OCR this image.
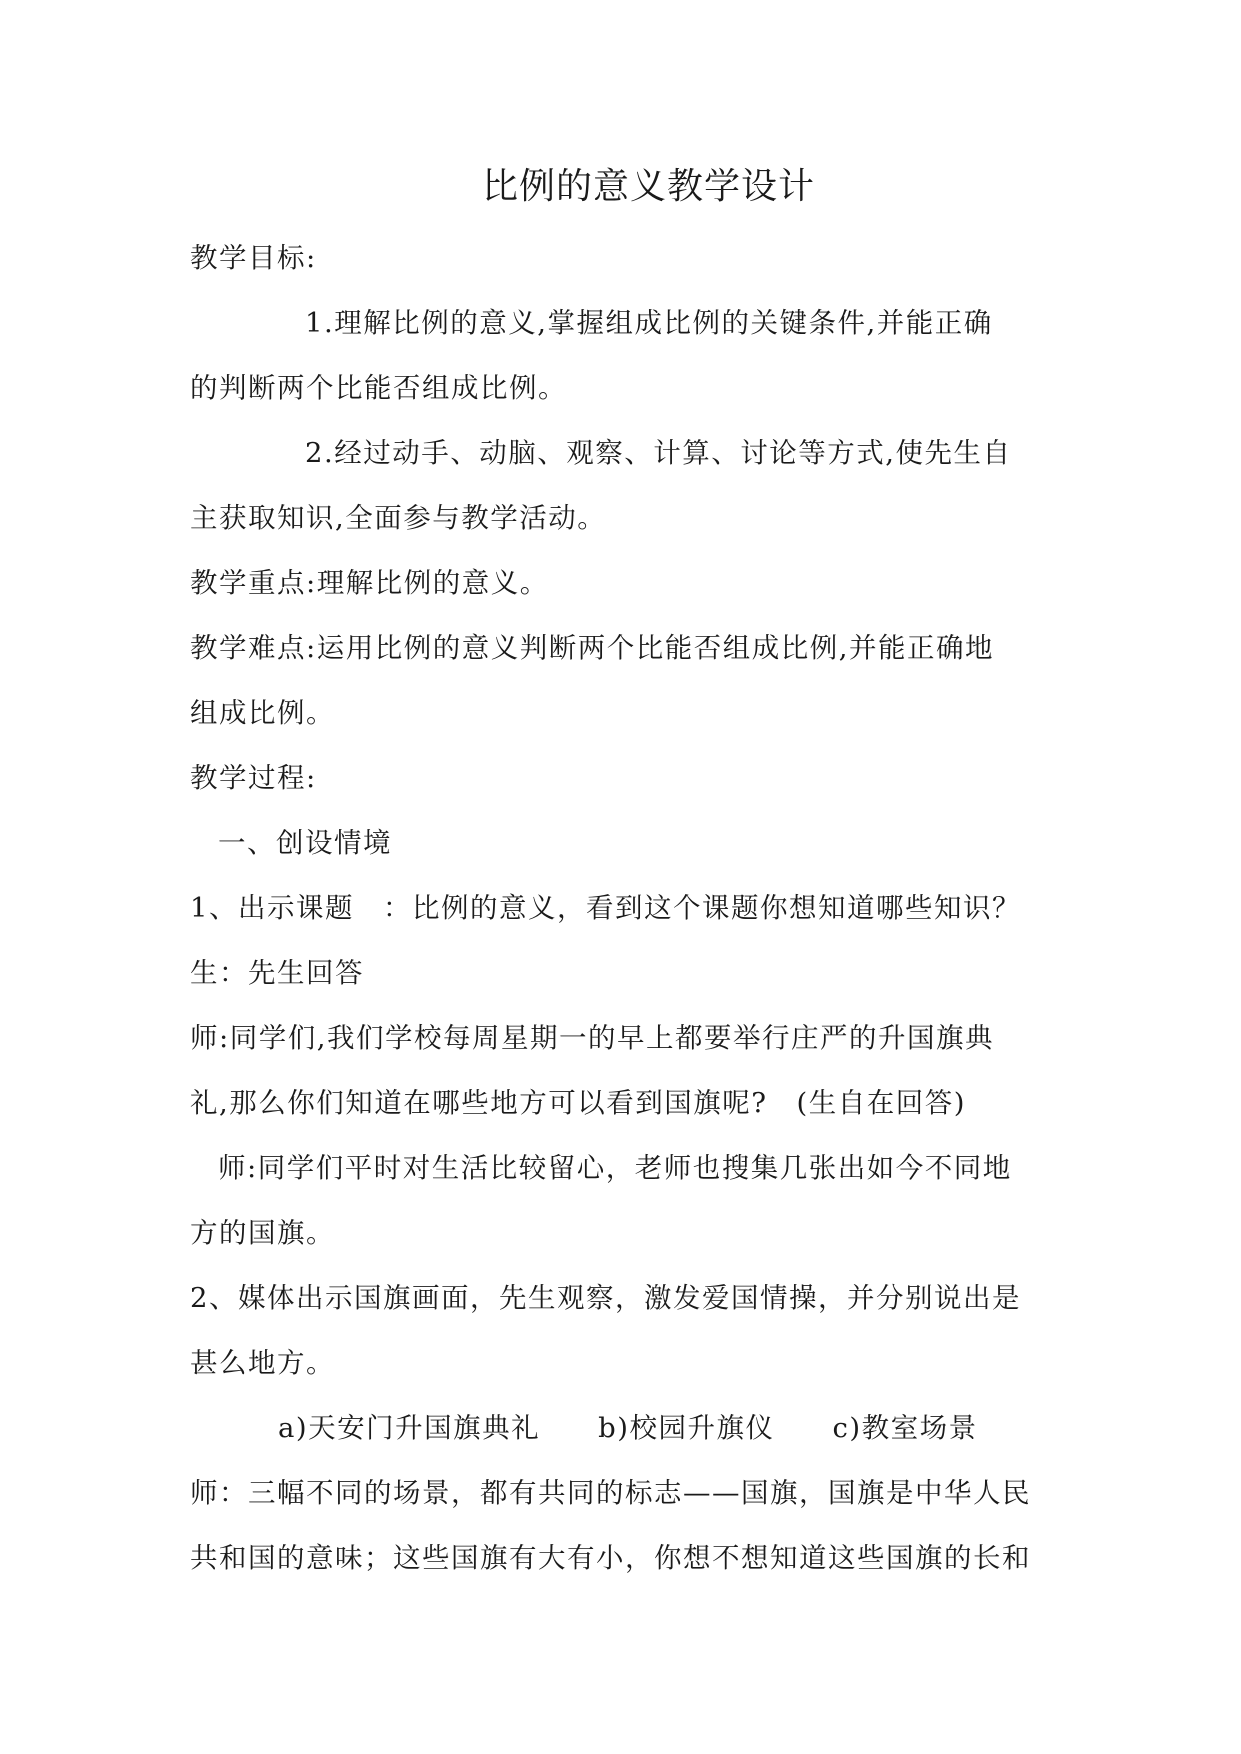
比例的意义教学设计
教学目标:
1.理解比例的意义,掌握组成比例的关键条件,并能正确
的判断两个比能否组成比例。
2.经过动手、动脑、观察、计算、讨论等方式,使先生自
主获取知识,全面参与教学活动。
教学重点:理解比例的意义。
教学难点:运用比例的意义判断两个比能否组成比例,并能正确地
组成比例。
教学过程:
一、创设情境
1、出示课题　：比例的意义，看到这个课题你想知道哪些知识？
生：先生回答
师:同学们,我们学校每周星期一的早上都要举行庄严的升国旗典
礼,那么你们知道在哪些地方可以看到国旗呢?　(生自在回答)
师:同学们平时对生活比较留心，老师也搜集几张出如今不同地
方的国旗。
2、媒体出示国旗画面，先生观察，激发爱国情操，并分别说出是
甚么地方。
a)天安门升国旗典礼 b)校园升旗仪 c)教室场景
师：三幅不同的场景，都有共同的标志——国旗，国旗是中华人民
共和国的意味；这些国旗有大有小，你想不想知道这些国旗的长和
